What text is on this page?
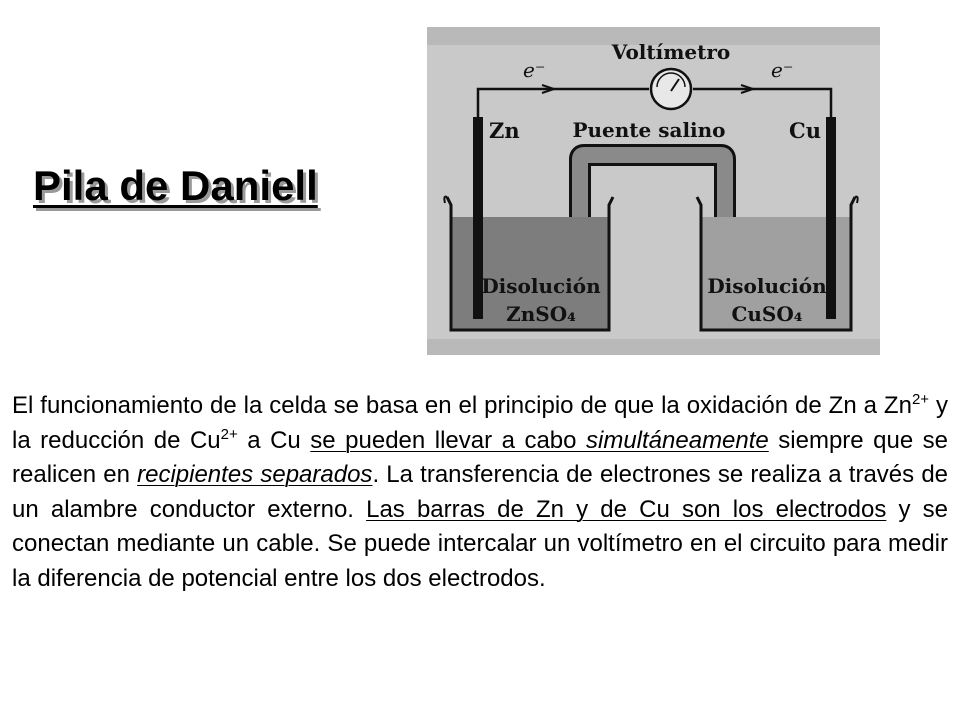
Pila de Daniell
Voltímetro
e⁻	e⁻
Puente salino
Zn	Cu
Disolución
ZnSO₄
Disolución
CuSO₄

El funcionamiento de la celda se basa en el principio de que la oxidación de Zn a $Zn^{2+}$ y la reducción de $Cu^{2+}$ a Cu se pueden llevar a cabo simultáneamente siempre que se realicen en recipientes separados. La transferencia de electrones se realiza a través de un alambre conductor externo. Las barras de Zn y de Cu son los electrodos y se conectan mediante un cable. Se puede intercalar un voltímetro en el circuito para medir la diferencia de potencial entre los dos electrodos.
